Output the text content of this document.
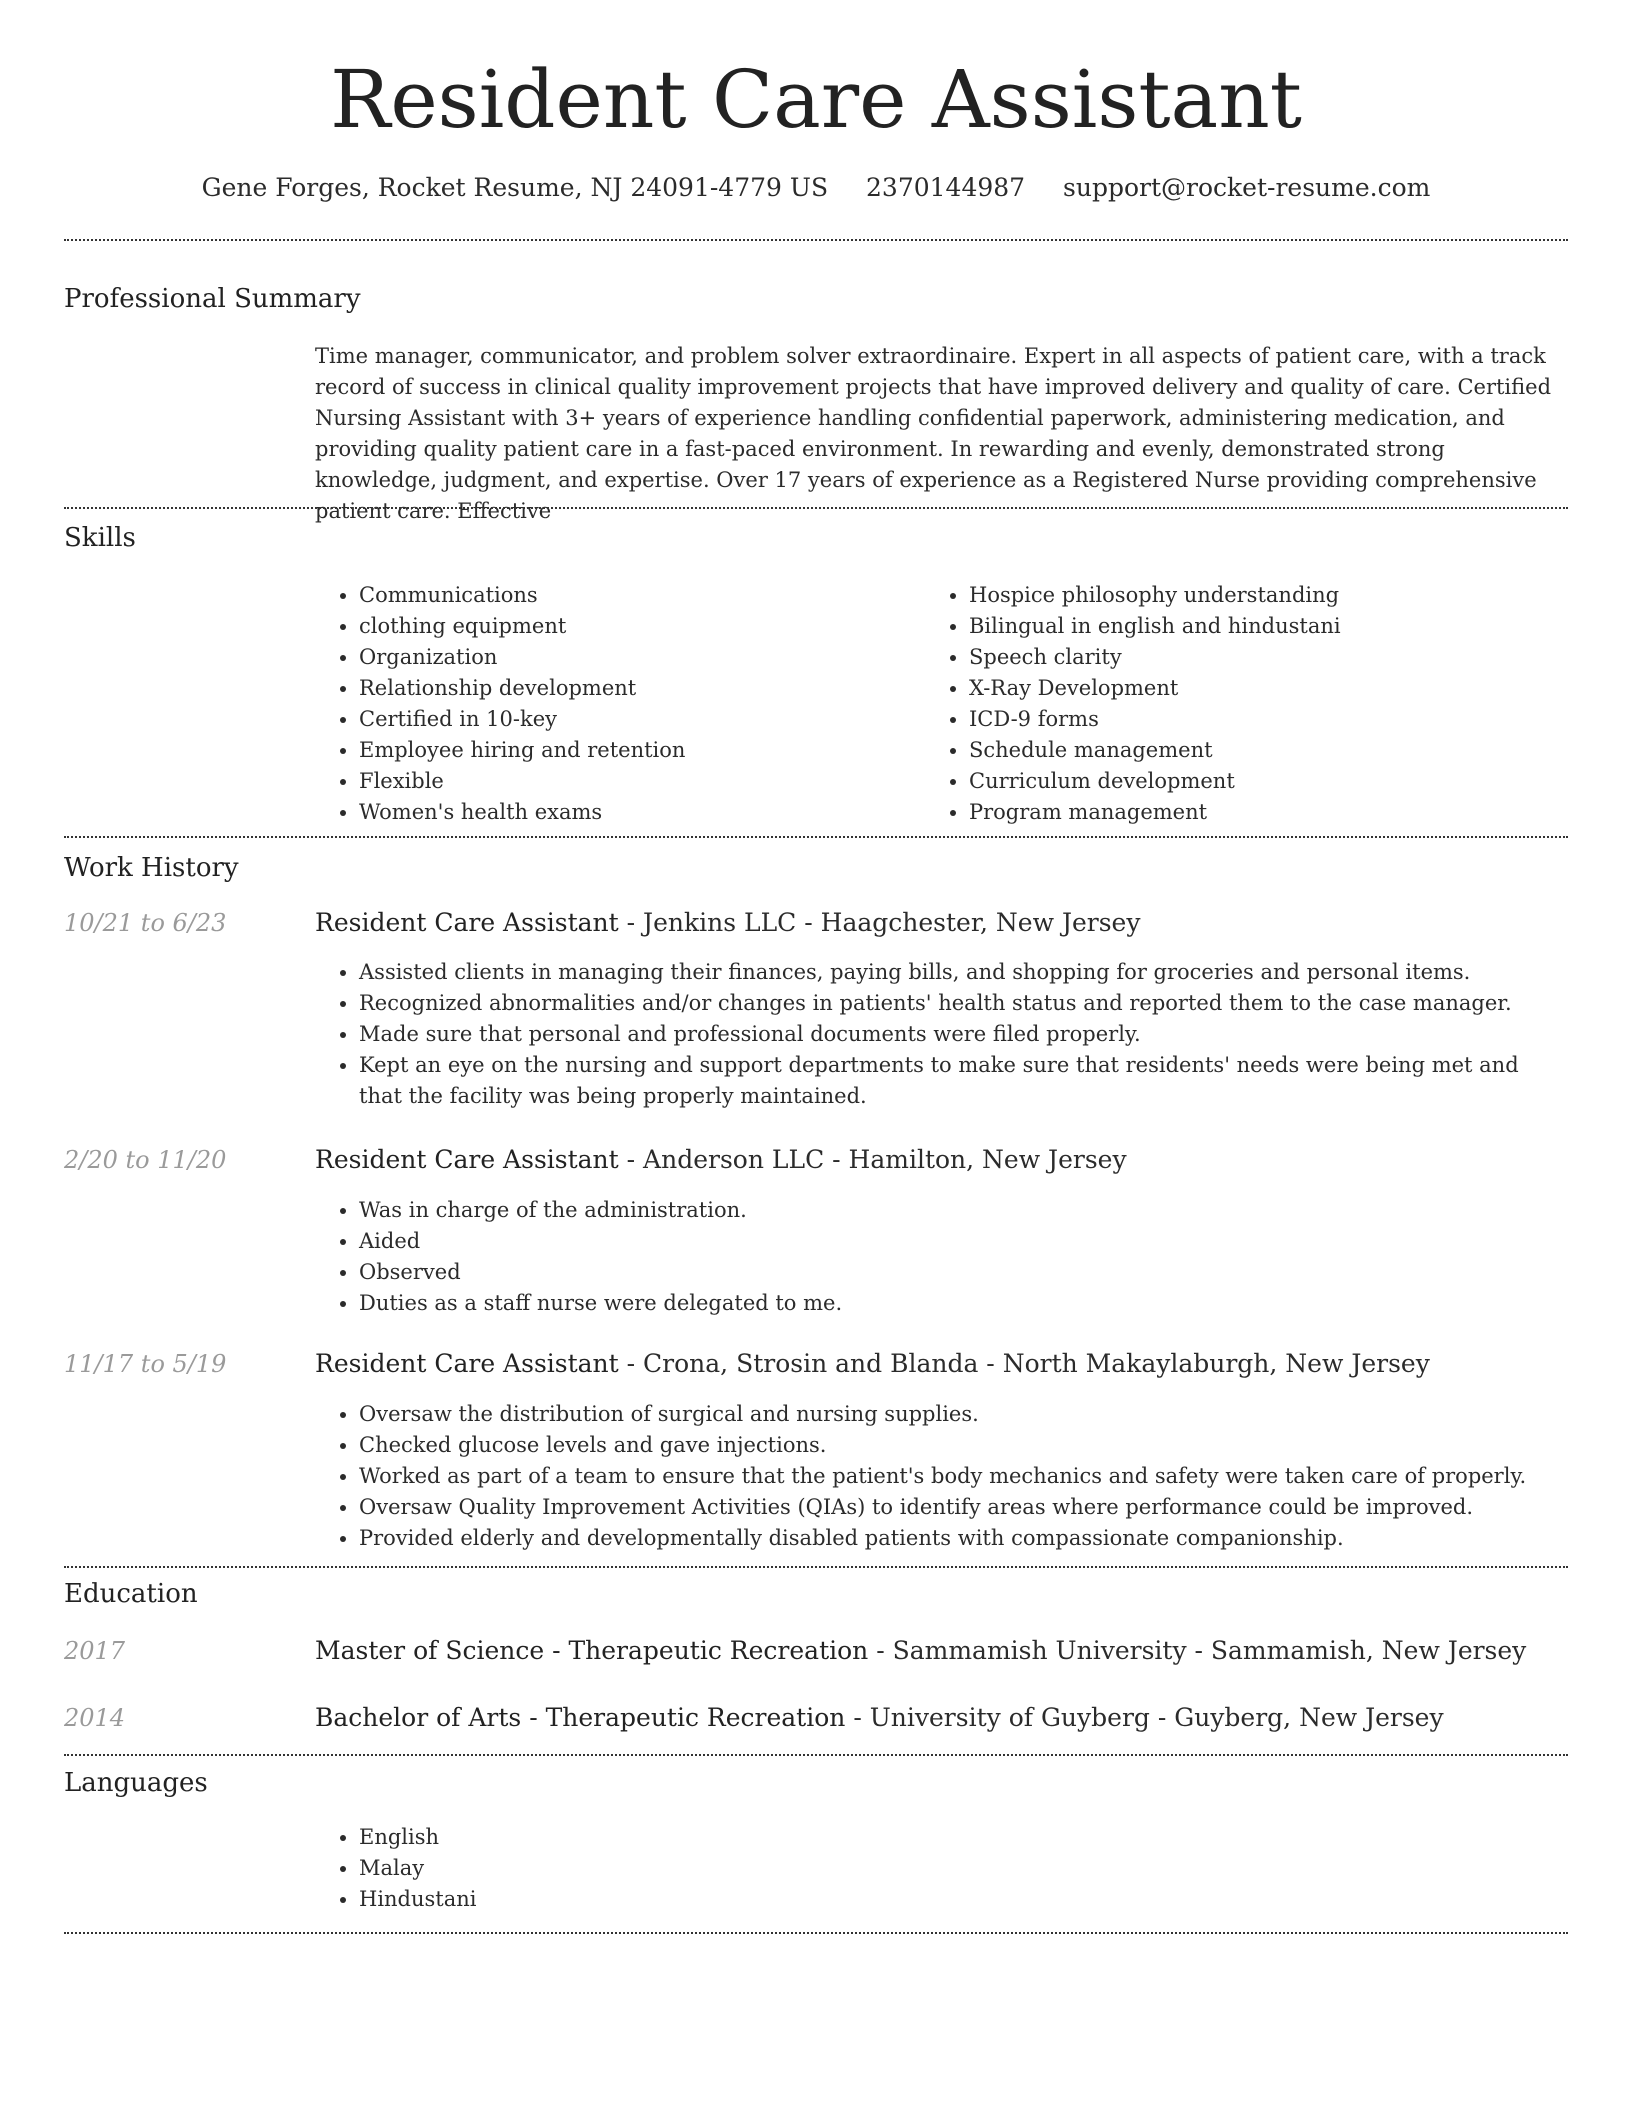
Resident Care Assistant
Gene Forges, Rocket Resume, NJ 24091-4779 US 2370144987 support@rocket-resume.com
Professional Summary

Time manager, communicator, and problem solver extraordinaire. Expert in all aspects of patient care, with a track record of success in clinical quality improvement projects that have improved delivery and quality of care. Certified Nursing Assistant with 3+ years of experience handling confidential paperwork, administering medication, and providing quality patient care in a fast-paced environment. In rewarding and evenly, demonstrated strong knowledge, judgment, and expertise. Over 17 years of experience as a Registered Nurse providing comprehensive patient care. Effective

Skills
• Communications
• clothing equipment
• Organization
• Relationship development
• Certified in 10-key
• Employee hiring and retention
• Flexible
• Women's health exams
• Hospice philosophy understanding
• Bilingual in english and hindustani
• Speech clarity
• X-Ray Development
• ICD-9 forms
• Schedule management
• Curriculum development
• Program management
Work History
10/21 to 6/23	Resident Care Assistant - Jenkins LLC - Haagchester, New Jersey
• Assisted clients in managing their finances, paying bills, and shopping for groceries and personal items.
• Recognized abnormalities and/or changes in patients' health status and reported them to the case manager.
• Made sure that personal and professional documents were filed properly.
• Kept an eye on the nursing and support departments to make sure that residents' needs were being met and that the facility was being properly maintained.
2/20 to 11/20	Resident Care Assistant - Anderson LLC - Hamilton, New Jersey
• Was in charge of the administration.
• Aided
• Observed
• Duties as a staff nurse were delegated to me.
11/17 to 5/19	Resident Care Assistant - Crona, Strosin and Blanda - North Makaylaburgh, New Jersey
• Oversaw the distribution of surgical and nursing supplies.
• Checked glucose levels and gave injections.
• Worked as part of a team to ensure that the patient's body mechanics and safety were taken care of properly.
• Oversaw Quality Improvement Activities (QIAs) to identify areas where performance could be improved.
• Provided elderly and developmentally disabled patients with compassionate companionship.
Education
2017	Master of Science - Therapeutic Recreation - Sammamish University - Sammamish, New Jersey
2014	Bachelor of Arts - Therapeutic Recreation - University of Guyberg - Guyberg, New Jersey
Languages
• English
• Malay
• Hindustani
